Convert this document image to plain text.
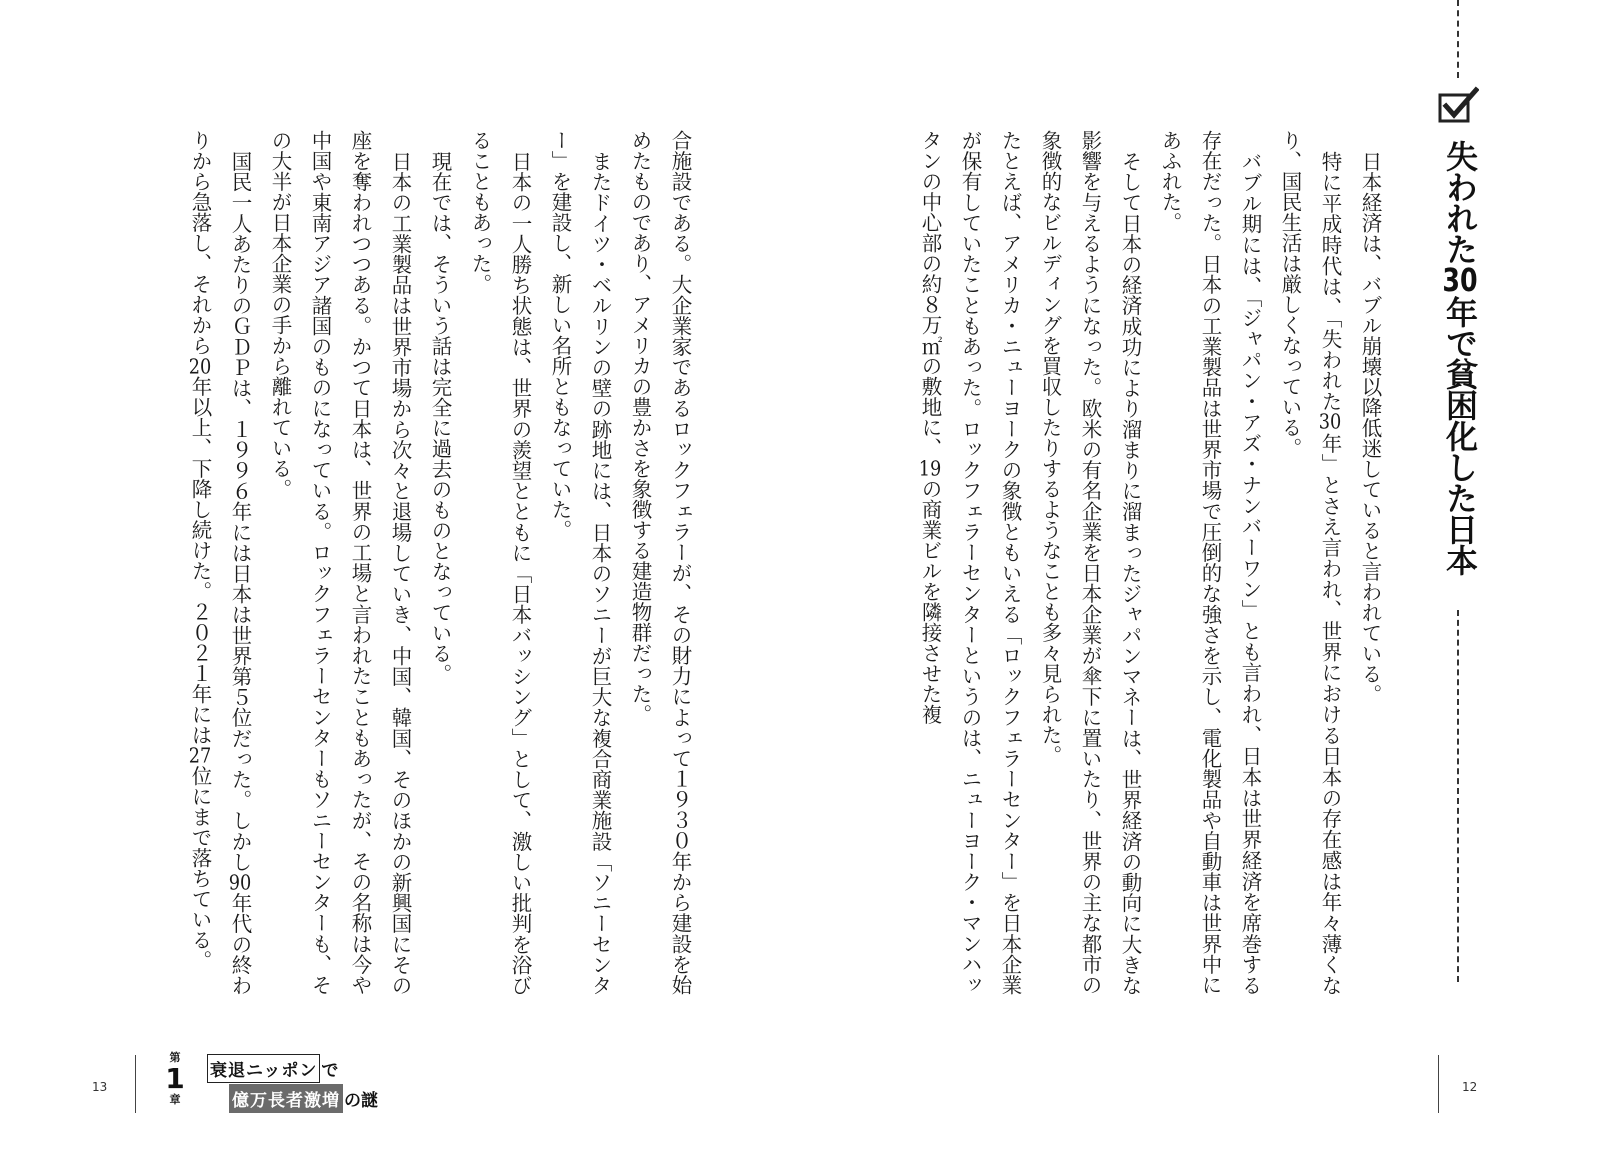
失われた30年で貧困化した日本

日本経済は、バブル崩壊以降低迷していると言われている。

特に平成時代は、「失われた30年」とさえ言われ、世界における日本の存在感は年々薄くなり、国民生活は厳しくなっている。

バブル期には、「ジャパン・アズ・ナンバーワン」とも言われ、日本は世界経済を席巻する存在だった。日本の工業製品は世界市場で圧倒的な強さを示し、電化製品や自動車は世界中にあふれた。

そして日本の経済成功により溜まりに溜まったジャパンマネーは、世界経済の動向に大きな影響を与えるようになった。欧米の有名企業を日本企業が傘下に置いたり、世界の主な都市の象徴的なビルディングを買収したりするようなことも多々見られた。

たとえば、アメリカ・ニューヨークの象徴ともいえる「ロックフェラーセンター」を日本企業が保有していたこともあった。ロックフェラーセンターというのは、ニューヨーク・マンハッタンの中心部の約８万㎡の敷地に、19の商業ビルを隣接させた複

12

合施設である。大企業家であるロックフェラーが、その財力によって１９３０年から建設を始めたものであり、アメリカの豊かさを象徴する建造物群だった。

またドイツ・ベルリンの壁の跡地には、日本のソニーが巨大な複合商業施設「ソニーセンター」を建設し、新しい名所ともなっていた。

日本の一人勝ち状態は、世界の羨望とともに「日本バッシング」として、激しい批判を浴びることもあった。

現在では、そういう話は完全に過去のものとなっている。

日本の工業製品は世界市場から次々と退場していき、中国、韓国、そのほかの新興国にその座を奪われつつある。かつて日本は、世界の工場と言われたこともあったが、その名称は今や中国や東南アジア諸国のものになっている。ロックフェラーセンターもソニーセンターも、その大半が日本企業の手から離れている。

国民一人あたりのＧＤＰは、１９９６年には日本は世界第５位だった。しかし90年代の終わりから急落し、それから20年以上、下降し続けた。２０２１年には27位にまで落ちている。

13
第
1
章
衰退ニッポン で
億万長者激増 の謎
